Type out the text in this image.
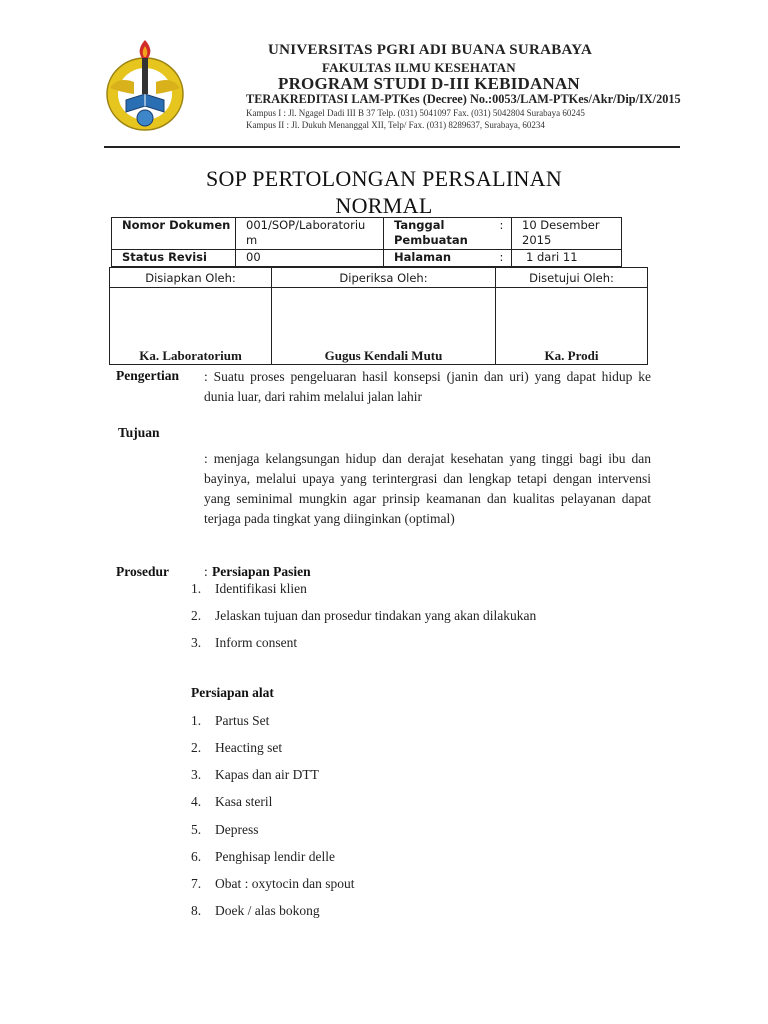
UNIVERSITAS PGRI ADI BUANA SURABAYA
FAKULTAS ILMU KESEHATAN
PROGRAM STUDI D-III KEBIDANAN
TERAKREDITASI LAM-PTKes (Decree) No.:0053/LAM-PTKes/Akr/Dip/IX/2015
Kampus I : Jl. Ngagel Dadi III B 37 Telp. (031) 5041097 Fax. (031) 5042804 Surabaya 60245
Kampus II : Jl. Dukuh Menanggal XII, Telp/ Fax. (031) 8289637, Surabaya, 60234
SOP PERTOLONGAN PERSALINAN
NORMAL
Nomor Dokumen	001/SOP/Laboratorium	Tanggal Pembuatan	:	10 Desember 2015
Status Revisi	00	Halaman	:	1 dari 11
Disiapkan Oleh:	Diperiksa Oleh:	Disetujui Oleh:
Ka. Laboratorium	Gugus Kendali Mutu	Ka. Prodi
Pengertian : Suatu proses pengeluaran hasil konsepsi (janin dan uri) yang dapat hidup ke dunia luar, dari rahim melalui jalan lahir
Tujuan
: menjaga kelangsungan hidup dan derajat kesehatan yang tinggi bagi ibu dan bayinya, melalui upaya yang terintergrasi dan lengkap tetapi dengan intervensi yang seminimal mungkin agar prinsip keamanan dan kualitas pelayanan dapat terjaga pada tingkat yang diinginkan (optimal)
Prosedur	: Persiapan Pasien
1. Identifikasi klien
2. Jelaskan tujuan dan prosedur tindakan yang akan dilakukan
3. Inform consent
Persiapan alat
1. Partus Set
2. Heacting set
3. Kapas dan air DTT
4. Kasa steril
5. Depress
6. Penghisap lendir delle
7. Obat : oxytocin dan spout
8. Doek / alas bokong
